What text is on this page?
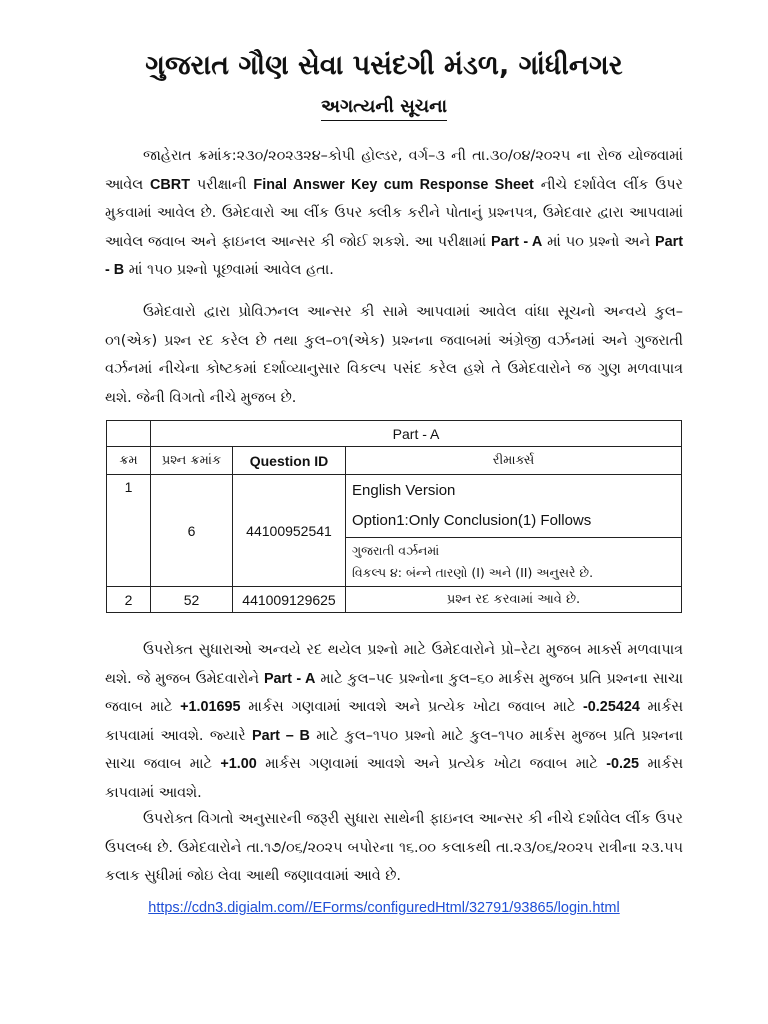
ગુજરાત ગૌણ સેવા પસંદગી મંડળ, ગાંધીનગર
અગત્યની સૂચના

જાહેરાત ક્રમાંક:૨૩૦/૨૦૨૩૨૪–કોપી હોલ્ડર, વર્ગ–૩ ની તા.૩૦/૦૪/૨૦૨૫ ના રોજ યોજવામાં આવેલ CBRT પરીક્ષાની Final Answer Key cum Response Sheet નીચે દર્શાવેલ લીંક ઉપર મુકવામાં આવેલ છે. ઉમેદવારો આ લીંક ઉપર ક્લીક કરીને પોતાનું પ્રશ્નપત્ર, ઉમેદવાર દ્વારા આપવામાં આવેલ જવાબ અને ફાઇનલ આન્સર કી જોઈ શકશે. આ પરીક્ષામાં Part - A માં ૫૦ પ્રશ્નો અને Part - B માં ૧૫૦ પ્રશ્નો પૂછવામાં આવેલ હતા.

ઉમેદવારો દ્વારા પ્રોવિઝનલ આન્સર કી સામે આપવામાં આવેલ વાંધા સૂચનો અન્વયે કુલ–૦૧(એક) પ્રશ્ન રદ કરેલ છે તથા કુલ–૦૧(એક) પ્રશ્નના જવાબમાં અંગ્રેજી વર્ઝનમાં અને ગુજરાતી વર્ઝનમાં નીચેના કોષ્ટકમાં દર્શાવ્યાનુસાર વિકલ્પ પસંદ કરેલ હશે તે ઉમેદવારોને જ ગુણ મળવાપાત્ર થશે. જેની વિગતો નીચે મુજબ છે.

	Part - A		
ક્રમ	પ્રશ્ન ક્રમાંક	Question ID	રીમાર્ક્સ
1	6	44100952541	English Version
Option1:Only Conclusion(1) Follows

			ગુજરાતી વર્ઝનમાં
વિકલ્પ ૪: બંન્ને તારણો (I) અને (II) અનુસરે છે.

2	52	441009129625	પ્રશ્ન રદ કરવામાં આવે છે.

ઉપરોક્ત સુધારાઓ અન્વયે રદ થયેલ પ્રશ્નો માટે ઉમેદવારોને પ્રો–રેટા મુજબ માર્ક્સ મળવાપાત્ર થશે. જે મુજબ ઉમેદવારોને Part - A માટે કુલ–૫૯ પ્રશ્નોના કુલ–૬૦ માર્કસ મુજબ પ્રતિ પ્રશ્નના સાચા જવાબ માટે +1.01695 માર્કસ ગણવામાં આવશે અને પ્રત્યેક ખોટા જવાબ માટે -0.25424 માર્કસ કાપવામાં આવશે. જ્યારે Part – B માટે કુલ–૧૫૦ પ્રશ્નો માટે કુલ–૧૫૦ માર્કસ મુજબ પ્રતિ પ્રશ્નના સાચા જવાબ માટે +1.00 માર્કસ ગણવામાં આવશે અને પ્રત્યેક ખોટા જવાબ માટે -0.25 માર્કસ કાપવામાં આવશે.

ઉપરોક્ત વિગતો અનુસારની જરૂરી સુધારા સાથેની ફાઇનલ આન્સર કી નીચે દર્શાવેલ લીંક ઉપર ઉપલબ્ધ છે. ઉમેદવારોને તા.૧૭/૦૬/૨૦૨૫ બપોરના ૧૬.૦૦ કલાકથી તા.૨૩/૦૬/૨૦૨૫ રાત્રીના ૨૩.૫૫ કલાક સુધીમાં જોઇ લેવા આથી જણાવવામાં આવે છે.

https://cdn3.digialm.com//EForms/configuredHtml/32791/93865/login.html
